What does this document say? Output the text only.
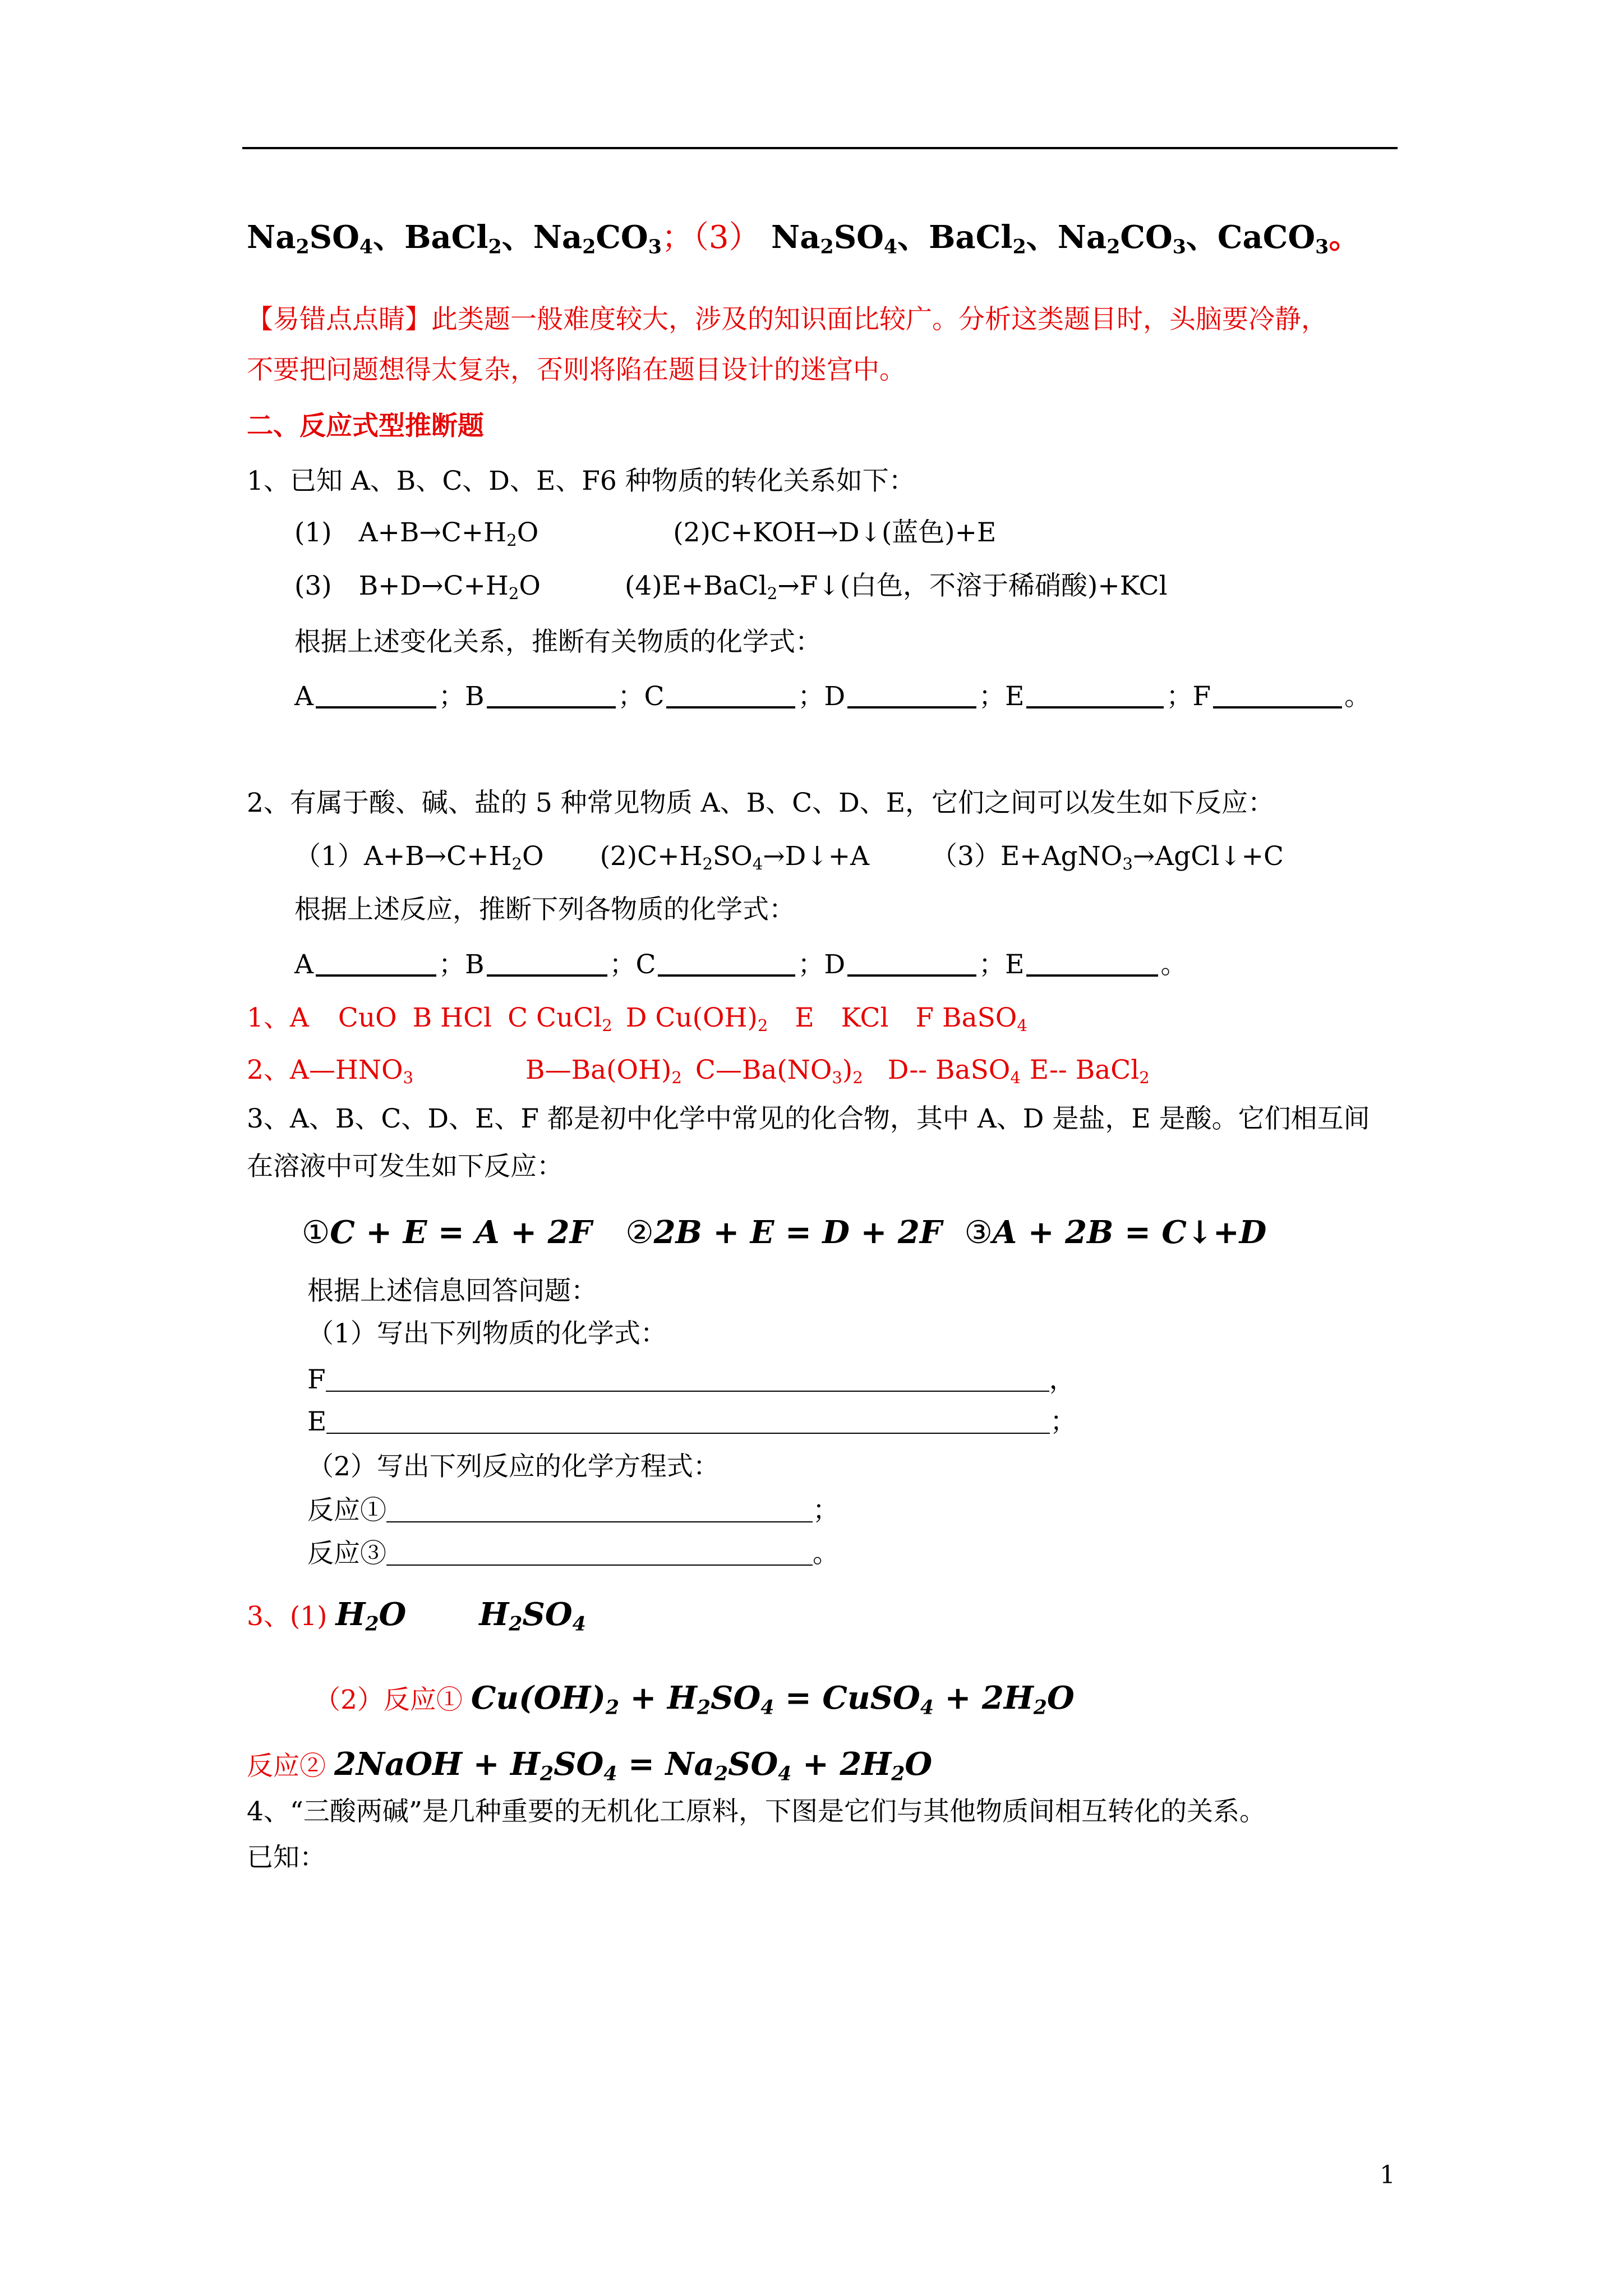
$Na_2SO_4$、BaCl$_2$、$Na_2CO_3$；（3） $Na_2SO_4$、BaCl$_2$、$Na_2CO_3$、CaCO$_3$。
【易错点点睛】此类题一般难度较大，涉及的知识面比较广。分析这类题目时，头脑要冷静，
不要把问题想得太复杂，否则将陷在题目设计的迷宫中。
二、反应式型推断题
1、已知 A、B、C、D、E、F6 种物质的转化关系如下：
(1) $A+B\to C+H_2O$	(2)C+KOH→D↓(蓝色)+E
(3) $B+D\to C+H_2O$	(4)E+BaCl$_2$→F↓(白色，不溶于稀硝酸)+KCl
根据上述变化关系，推断有关物质的化学式：
A	；B	；C	；D	；E	；F	。
2、有属于酸、碱、盐的 5 种常见物质 A、B、C、D、E，它们之间可以发生如下反应：
$(1)A+B\to C+H_2O$ $(2)C+H_2SO_4\to D↓+A$ （3）E+AgNO$_3$→AgCl↓+C
根据上述反应，推断下列各物质的化学式：
A	；B	；C	；D	；E	。
1、A CuO B HCl C CuCl$_2$ D $Cu(OH)_2$ E KCl F BaSO$_4$
2、$A—HNO_3$	$B—Ba(OH)_2$ $C—Ba(NO_3)_2$ D-- BaSO$_4$ E-- BaCl$_2$
3、A、B、C、D、E、F 都是初中化学中常见的化合物，其中 A、D 是盐，E 是酸。它们相互间
在溶液中可发生如下反应：
①C + E = A + 2F ②2B + E = D + 2F ③A + 2B = C↓+D
根据上述信息回答问题：
（1）写出下列物质的化学式：
F	，
E	；
（2）写出下列反应的化学方程式：
反应①	；
反应③	。
3、(1) $H_2O$ $H_2SO_4$
（2）反应① $Cu(OH)_2 + H_2SO_4$ = CuSO$_4$ + $2H_2O$
反应② 2NaOH + $H_2SO_4 = Na_2SO_4 + 2H_2O$
4、“三酸两碱”是几种重要的无机化工原料，下图是它们与其他物质间相互转化的关系。
已知：
1
